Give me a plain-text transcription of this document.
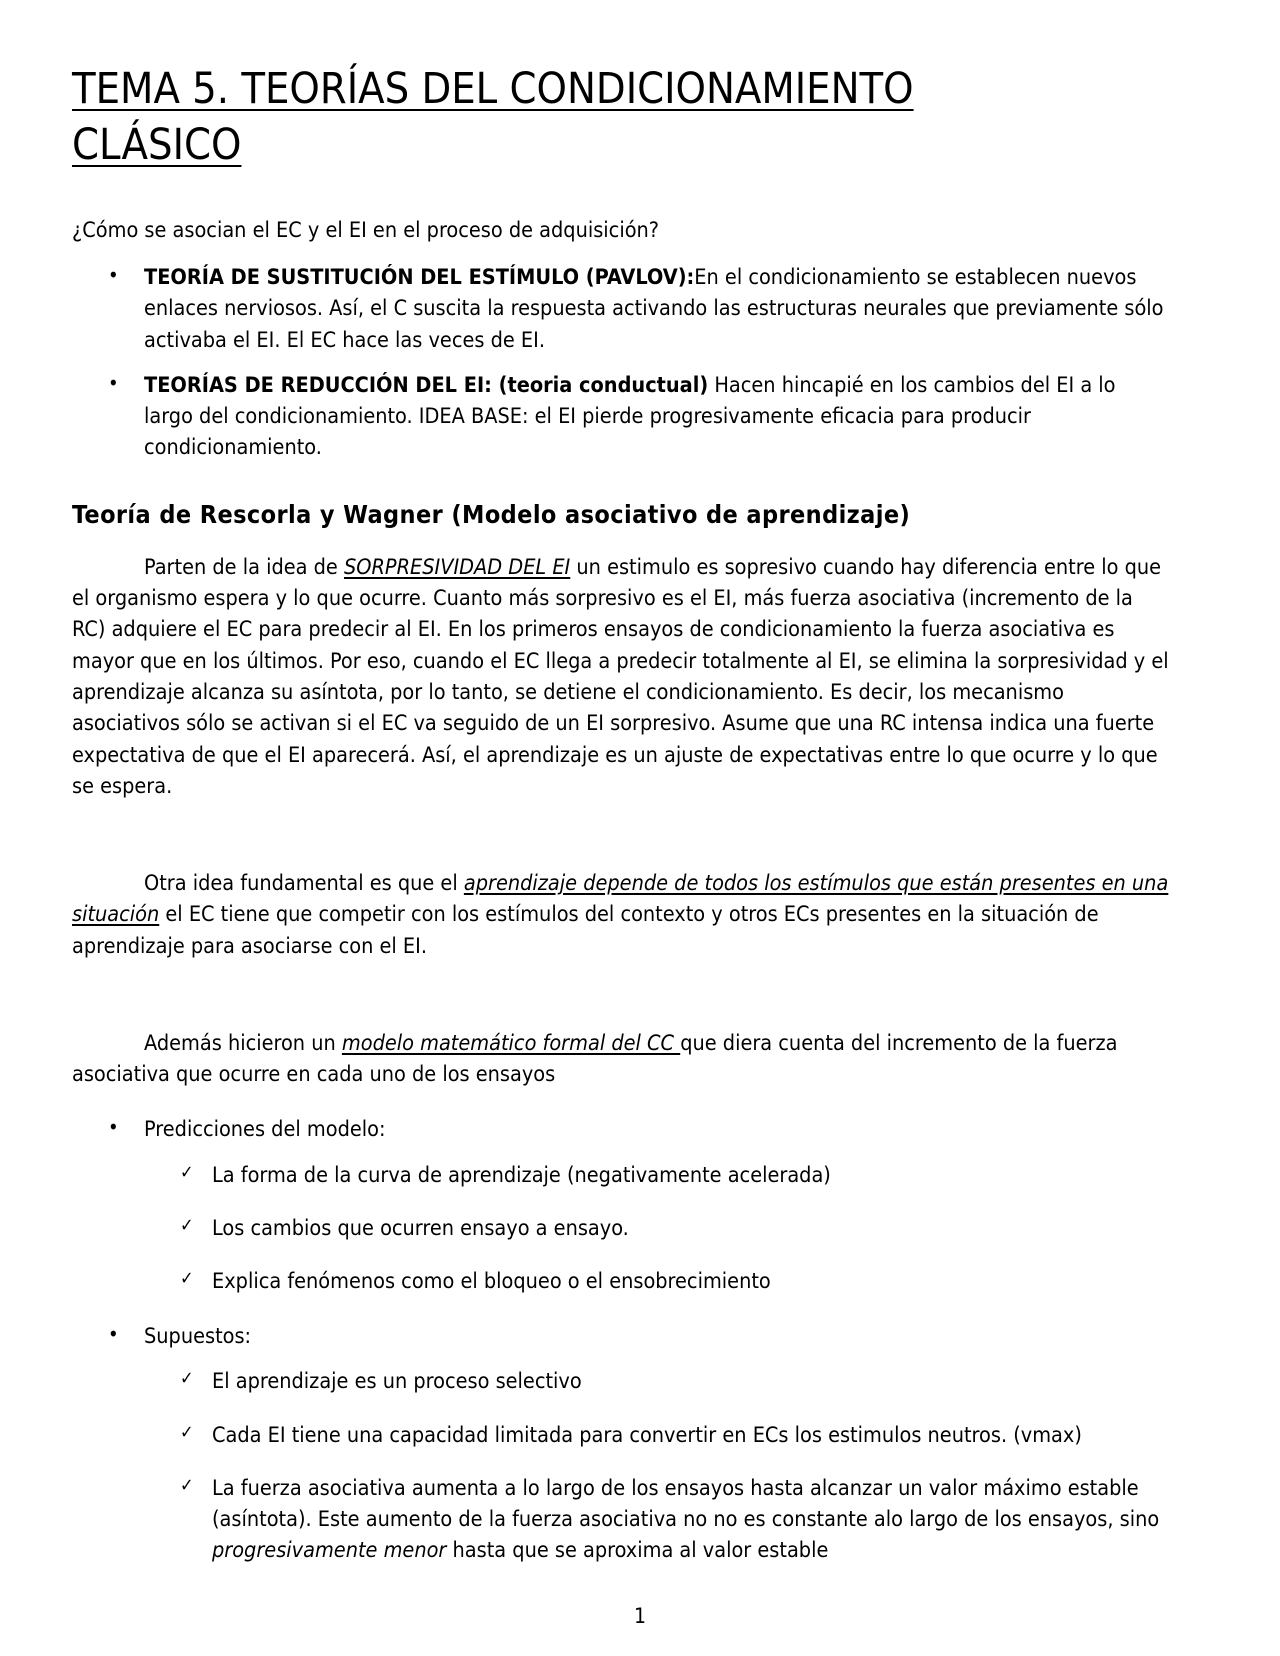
TEMA 5. TEORÍAS DEL CONDICIONAMIENTO CLÁSICO
¿Cómo se asocian el EC y el EI en el proceso de adquisición?
• TEORÍA DE SUSTITUCIÓN DEL ESTÍMULO (PAVLOV):En el condicionamiento se establecen nuevos enlaces nerviosos. Así, el C suscita la respuesta activando las estructuras neurales que previamente sólo activaba el EI. El EC hace las veces de EI.
• TEORÍAS DE REDUCCIÓN DEL EI: (teoria conductual) Hacen hincapié en los cambios del EI a lo largo del condicionamiento. IDEA BASE: el EI pierde progresivamente eficacia para producir condicionamiento.
Teoría de Rescorla y Wagner (Modelo asociativo de aprendizaje)

Parten de la idea de SORPRESIVIDAD DEL EI un estimulo es sopresivo cuando hay diferencia entre lo que el organismo espera y lo que ocurre. Cuanto más sorpresivo es el EI, más fuerza asociativa (incremento de la RC) adquiere el EC para predecir al EI. En los primeros ensayos de condicionamiento la fuerza asociativa es mayor que en los últimos. Por eso, cuando el EC llega a predecir totalmente al EI, se elimina la sorpresividad y el aprendizaje alcanza su asíntota, por lo tanto, se detiene el condicionamiento. Es decir, los mecanismo asociativos sólo se activan si el EC va seguido de un EI sorpresivo. Asume que una RC intensa indica una fuerte expectativa de que el EI aparecerá. Así, el aprendizaje es un ajuste de expectativas entre lo que ocurre y lo que se espera.

Otra idea fundamental es que el aprendizaje depende de todos los estímulos que están presentes en una situación el EC tiene que competir con los estímulos del contexto y otros ECs presentes en la situación de aprendizaje para asociarse con el EI.

Además hicieron un modelo matemático formal del CC que diera cuenta del incremento de la fuerza asociativa que ocurre en cada uno de los ensayos

• Predicciones del modelo:
✓ La forma de la curva de aprendizaje (negativamente acelerada)
✓ Los cambios que ocurren ensayo a ensayo.
✓ Explica fenómenos como el bloqueo o el ensobrecimiento
• Supuestos:
✓ El aprendizaje es un proceso selectivo
✓ Cada EI tiene una capacidad limitada para convertir en ECs los estimulos neutros. (vmax)
✓ La fuerza asociativa aumenta a lo largo de los ensayos hasta alcanzar un valor máximo estable (asíntota). Este aumento de la fuerza asociativa no no es constante alo largo de los ensayos, sino progresivamente menor hasta que se aproxima al valor estable
1
